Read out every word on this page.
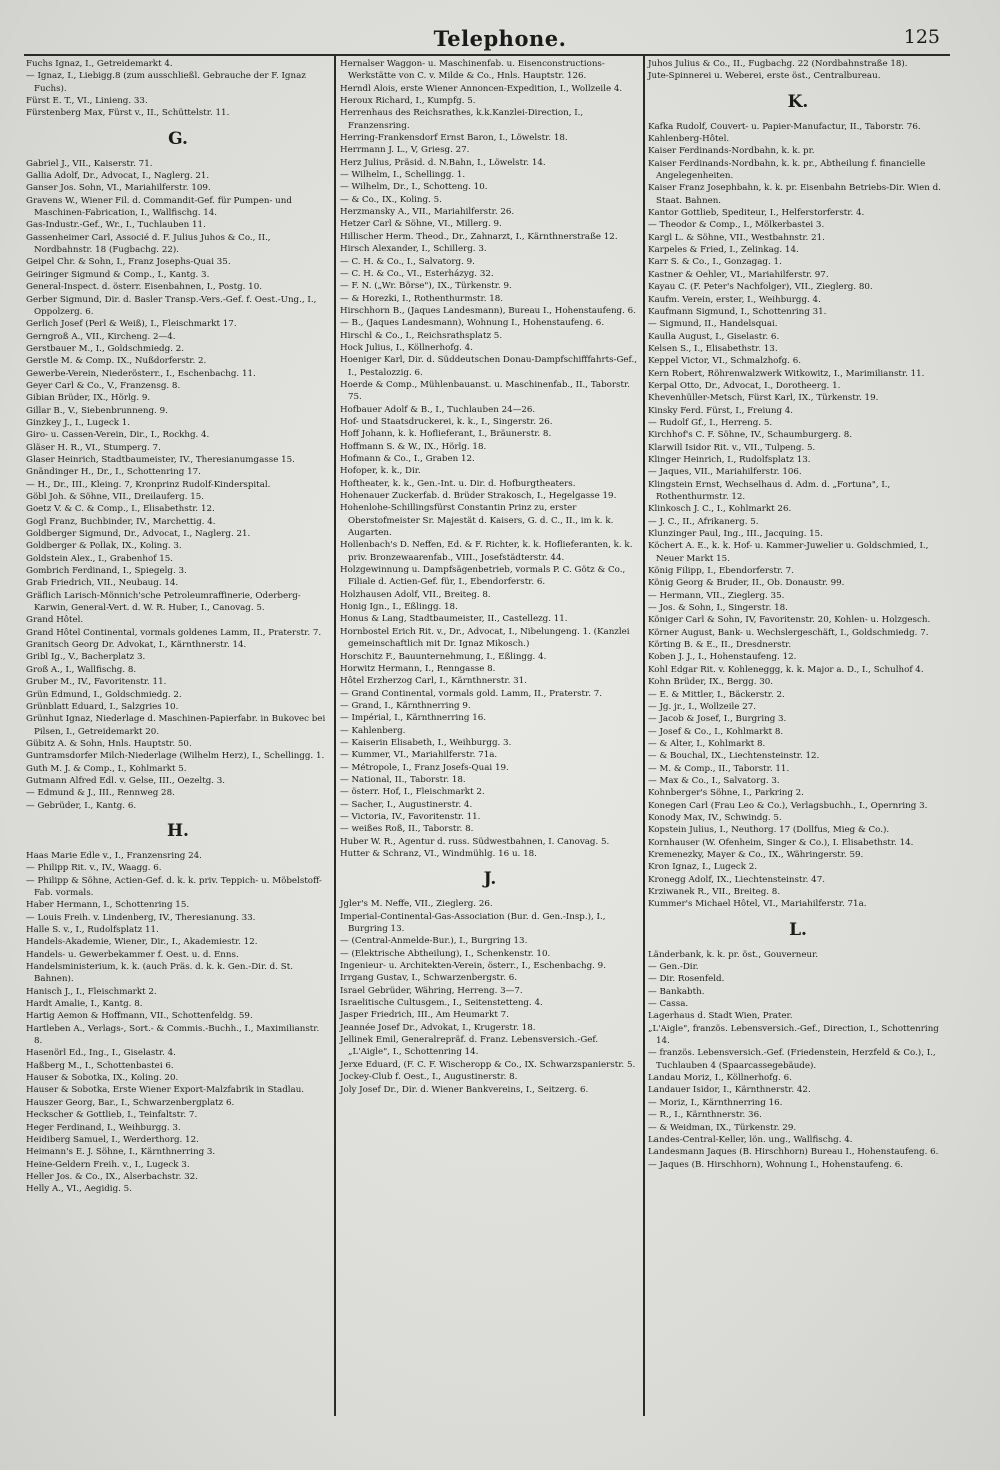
Telephone.	125

Fuchs Ignaz, I., Getreidemarkt 4.

— Ignaz, I., Liebigg.8 (zum ausschließl. Gebrauche der F. Ignaz Fuchs).

Fürst E. T., VI., Linieng. 33.

Fürstenberg Max, Fürst v., II., Schüttelstr. 11.

G.

Gabriel J., VII., Kaiserstr. 71.

Gallia Adolf, Dr., Advocat, I., Naglerg. 21.

Ganser Jos. Sohn, VI., Mariahilferstr. 109.

Gravens W., Wiener Fil. d. Commandit-Gef. für Pumpen- und Maschinen-Fabrication, I., Wallfischg. 14.

Gas-Industr.-Gef., Wr., I., Tuchlauben 11.

Gassenheimer Carl, Associé d. F. Julius Juhos & Co., II., Nordbahnstr. 18 (Fugbachg. 22).

Geipel Chr. & Sohn, I., Franz Josephs-Quai 35.

Geiringer Sigmund & Comp., I., Kantg. 3.

General-Inspect. d. österr. Eisenbahnen, I., Postg. 10.

Gerber Sigmund, Dir. d. Basler Transp.-Vers.-Gef. f. Oest.-Ung., I., Oppolzerg. 6.

Gerlich Josef (Perl & Weiß), I., Fleischmarkt 17.

Gerngroß A., VII., Kircheng. 2—4.

Gerstbauer M., I., Goldschmiedg. 2.

Gerstle M. & Comp. IX., Nußdorferstr. 2.

Gewerbe-Verein, Niederösterr., I., Eschenbachg. 11.

Geyer Carl & Co., V., Franzensg. 8.

Gibian Brüder, IX., Hörlg. 9.

Gillar B., V., Siebenbrunneng. 9.

Ginzkey J., I., Lugeck 1.

Giro- u. Cassen-Verein, Dir., I., Rockhg. 4.

Gläser H. R., VI., Stumperg. 7.

Glaser Heinrich, Stadtbaumeister, IV., Theresianumgasse 15.

Gnändinger H., Dr., I., Schottenring 17.

— H., Dr., III., Kleing. 7, Kronprinz Rudolf-Kinderspital.

Göbl Joh. & Söhne, VII., Dreilauferg. 15.

Goetz V. & C. & Comp., I., Elisabethstr. 12.

Gogl Franz, Buchbinder, IV., Marchettig. 4.

Goldberger Sigmund, Dr., Advocat, I., Naglerg. 21.

Goldberger & Pollak, IX., Koling. 3.

Goldstein Alex., I., Grabenhof 15.

Gombrich Ferdinand, I., Spiegelg. 3.

Grab Friedrich, VII., Neubaug. 14.

Gräflich Larisch-Mönnich'sche Petroleumraffinerie, Oderberg-Karwin, General-Vert. d. W. R. Huber, I., Canovag. 5.

Grand Hôtel.

Grand Hôtel Continental, vormals goldenes Lamm, II., Praterstr. 7.

Granitsch Georg Dr. Advokat, I., Kärnthnerstr. 14.

Gribl Ig., V., Bacherplatz 3.

Groß A., I., Wallfischg. 8.

Gruber M., IV., Favoritenstr. 11.

Grün Edmund, I., Goldschmiedg. 2.

Grünblatt Eduard, I., Salzgries 10.

Grünhut Ignaz, Niederlage d. Maschinen-Papierfabr. in Bukovec bei Pilsen, I., Getreidemarkt 20.

Gübitz A. & Sohn, Hnls. Hauptstr. 50.

Guntramsdorfer Milch-Niederlage (Wilhelm Herz), I., Schellingg. 1.

Guth M. J. & Comp., I., Kohlmarkt 5.

Gutmann Alfred Edl. v. Gelse, III., Oezeltg. 3.

— Edmund & J., III., Rennweg 28.

— Gebrüder, I., Kantg. 6.

H.

Haas Marie Edle v., I., Franzensring 24.

— Philipp Rit. v., IV., Waagg. 6.

— Philipp & Söhne, Actien-Gef. d. k. k. priv. Teppich- u. Möbelstoff-Fab. vormals.

Haber Hermann, I., Schottenring 15.

— Louis Freih. v. Lindenberg, IV., Theresianung. 33.

Halle S. v., I., Rudolfsplatz 11.

Handels-Akademie, Wiener, Dir., I., Akademiestr. 12.

Handels- u. Gewerbekammer f. Oest. u. d. Enns.

Handelsministerium, k. k. (auch Präs. d. k. k. Gen.-Dir. d. St. Bahnen).

Hanisch J., I., Fleischmarkt 2.

Hardt Amalie, I., Kantg. 8.

Hartig Aemon & Hoffmann, VII., Schottenfeldg. 59.

Hartleben A., Verlags-, Sort.- & Commis.-Buchh., I., Maximilianstr. 8.

Hasenörl Ed., Ing., I., Giselastr. 4.

Haßberg M., I., Schottenbastei 6.

Hauser & Sobotka, IX., Koling. 20.

Hauser & Sobotka, Erste Wiener Export-Malzfabrik in Stadlau.

Hauszer Georg, Bar., I., Schwarzenbergplatz 6.

Heckscher & Gottlieb, I., Teinfaltstr. 7.

Heger Ferdinand, I., Weihburgg. 3.

Heidiberg Samuel, I., Werderthorg. 12.

Heimann's E. J. Söhne, I., Kärnthnerring 3.

Heine-Geldern Freih. v., I., Lugeck 3.

Heller Jos. & Co., IX., Alserbachstr. 32.

Helly A., VI., Aegidig. 5.

Hernalser Waggon- u. Maschinenfab. u. Eisenconstructions-Werkstätte von C. v. Milde & Co., Hnls. Hauptstr. 126.

Herndl Alois, erste Wiener Annoncen-Expedition, I., Wollzeile 4.

Heroux Richard, I., Kumpfg. 5.

Herrenhaus des Reichsrathes, k.k.Kanzlei-Direction, I., Franzensring.

Herring-Frankensdorf Ernst Baron, I., Löwelstr. 18.

Herrmann J. L., V, Griesg. 27.

Herz Julius, Präsid. d. N.Bahn, I., Löwelstr. 14.

— Wilhelm, I., Schellingg. 1.

— Wilhelm, Dr., I., Schotteng. 10.

— & Co., IX., Koling. 5.

Herzmansky A., VII., Mariahilferstr. 26.

Hetzer Carl & Söhne, VI., Millerg. 9.

Hillischer Herm. Theod., Dr., Zahnarzt, I., Kärnthnerstraße 12.

Hirsch Alexander, I., Schillerg. 3.

— C. H. & Co., I., Salvatorg. 9.

— C. H. & Co., VI., Esterházyg. 32.

— F. N. („Wr. Börse"), IX., Türkenstr. 9.

— & Horezki, I., Rothenthurmstr. 18.

Hirschhorn B., (Jaques Landesmann), Bureau I., Hohenstaufeng. 6.

— B., (Jaques Landesmann), Wohnung I., Hohenstaufeng. 6.

Hirschl & Co., I., Reichsrathsplatz 5.

Hock Julius, I., Köllnerhofg. 4.

Hoeniger Karl, Dir. d. Süddeutschen Donau-Dampfschifffahrts-Gef., I., Pestalozzig. 6.

Hoerde & Comp., Mühlenbauanst. u. Maschinenfab., II., Taborstr. 75.

Hofbauer Adolf & B., I., Tuchlauben 24—26.

Hof- und Staatsdruckerei, k. k., I., Singerstr. 26.

Hoff Johann, k. k. Hoflieferant, I., Bräunerstr. 8.

Hoffmann S. & W., IX., Hörlg. 18.

Hofmann & Co., I., Graben 12.

Hofoper, k. k., Dir.

Hoftheater, k. k., Gen.-Int. u. Dir. d. Hofburgtheaters.

Hohenauer Zuckerfab. d. Brüder Strakosch, I., Hegelgasse 19.

Hohenlohe-Schillingsfürst Constantin Prinz zu, erster Oberstofmeister Sr. Majestät d. Kaisers, G. d. C., II., im k. k. Augarten.

Hollenbach's D. Neffen, Ed. & F. Richter, k. k. Hoflieferanten, k. k. priv. Bronzewaarenfab., VIII., Josefstädterstr. 44.

Holzgewinnung u. Dampfsägenbetrieb, vormals P. C. Götz & Co., Filiale d. Actien-Gef. für, I., Ebendorferstr. 6.

Holzhausen Adolf, VII., Breiteg. 8.

Honig Ign., I., Eßlingg. 18.

Honus & Lang, Stadtbaumeister, II., Castellezg. 11.

Hornbostel Erich Rit. v., Dr., Advocat, I., Nibelungeng. 1. (Kanzlei gemeinschaftlich mit Dr. Ignaz Mikosch.)

Horschitz F., Bauunternehmung, I., Eßlingg. 4.

Horwitz Hermann, I., Renngasse 8.

Hôtel Erzherzog Carl, I., Kärnthnerstr. 31.

— Grand Continental, vormals gold. Lamm, II., Praterstr. 7.

— Grand, I., Kärnthnerring 9.

— Impérial, I., Kärnthnerring 16.

— Kahlenberg.

— Kaiserin Elisabeth, I., Weihburgg. 3.

— Kummer, VI., Mariahilferstr. 71a.

— Métropole, I., Franz Josefs-Quai 19.

— National, II., Taborstr. 18.

— österr. Hof, I., Fleischmarkt 2.

— Sacher, I., Augustinerstr. 4.

— Victoria, IV., Favoritenstr. 11.

— weißes Roß, II., Taborstr. 8.

Huber W. R., Agentur d. russ. Südwestbahnen, I. Canovag. 5.

Hutter & Schranz, VI., Windmühlg. 16 u. 18.

J.

Jgler's M. Neffe, VII., Zieglerg. 26.

Imperial-Continental-Gas-Association (Bur. d. Gen.-Insp.), I., Burgring 13.

— (Central-Anmelde-Bur.), I., Burgring 13.

— (Elektrische Abtheilung), I., Schenkenstr. 10.

Ingenieur- u. Architekten-Verein, österr., I., Eschenbachg. 9.

Irrgang Gustav, I., Schwarzenbergstr. 6.

Israel Gebrüder, Währing, Herreng. 3—7.

Israelitische Cultusgem., I., Seitenstetteng. 4.

Jasper Friedrich, III., Am Heumarkt 7.

Jeannée Josef Dr., Advokat, I., Krugerstr. 18.

Jellinek Emil, Generalrepräf. d. Franz. Lebensversich.-Gef. „L'Aigle", I., Schottenring 14.

Jerxe Eduard, (F. C. F. Wischeropp & Co., IX. Schwarzspanierstr. 5.

Jockey-Club f. Oest., I., Augustinerstr. 8.

Joly Josef Dr., Dir. d. Wiener Bankvereins, I., Seitzerg. 6.

Juhos Julius & Co., II., Fugbachg. 22 (Nordbahnstraße 18).

Jute-Spinnerei u. Weberei, erste öst., Centralbureau.

K.

Kafka Rudolf, Couvert- u. Papier-Manufactur, II., Taborstr. 76.

Kahlenberg-Hôtel.

Kaiser Ferdinands-Nordbahn, k. k. pr.

Kaiser Ferdinands-Nordbahn, k. k. pr., Abtheilung f. financielle Angelegenheiten.

Kaiser Franz Josephbahn, k. k. pr. Eisenbahn Betriebs-Dir. Wien d. Staat. Bahnen.

Kantor Gottlieb, Spediteur, I., Helferstorferstr. 4.

— Theodor & Comp., I., Mölkerbastei 3.

Kargl L. & Söhne, VII., Westbahnstr. 21.

Karpeles & Fried, I., Zelinkag. 14.

Karr S. & Co., I., Gonzagag. 1.

Kastner & Oehler, VI., Mariahilferstr. 97.

Kayau C. (F. Peter's Nachfolger), VII., Zieglerg. 80.

Kaufm. Verein, erster, I., Weihburgg. 4.

Kaufmann Sigmund, I., Schottenring 31.

— Sigmund, II., Handelsquai.

Kaulla August, I., Giselastr. 6.

Kelsen S., I., Elisabethstr. 13.

Keppel Victor, VI., Schmalzhofg. 6.

Kern Robert, Röhrenwalzwerk Witkowitz, I., Marimilianstr. 11.

Kerpal Otto, Dr., Advocat, I., Dorotheerg. 1.

Khevenhüller-Metsch, Fürst Karl, IX., Türkenstr. 19.

Kinsky Ferd. Fürst, I., Freiung 4.

— Rudolf Gf., I., Herreng. 5.

Kirchhof's C. F. Söhne, IV., Schaumburgerg. 8.

Klarwill Isidor Rit. v., VII., Tulpeng. 5.

Klinger Heinrich, I., Rudolfsplatz 13.

— Jaques, VII., Mariahilferstr. 106.

Klingstein Ernst, Wechselhaus d. Adm. d. „Fortuna", I., Rothenthurmstr. 12.

Klinkosch J. C., I., Kohlmarkt 26.

— J. C., II., Afrikanerg. 5.

Klunzinger Paul, Ing., III., Jacquing. 15.

Köchert A. E., k. k. Hof- u. Kammer-Juwelier u. Goldschmied, I., Neuer Markt 15.

König Filipp, I., Ebendorferstr. 7.

König Georg & Bruder, II., Ob. Donaustr. 99.

— Hermann, VII., Zieglerg. 35.

— Jos. & Sohn, I., Singerstr. 18.

Königer Carl & Sohn, IV, Favoritenstr. 20, Kohlen- u. Holzgesch.

Körner August, Bank- u. Wechslergeschäft, I., Goldschmiedg. 7.

Körting B. & E., II., Dresdnerstr.

Koben J. J., I., Hohenstaufeng. 12.

Kohl Edgar Rit. v. Kohleneggg, k. k. Major a. D., I., Schulhof 4.

Kohn Brüder, IX., Bergg. 30.

— E. & Mittler, I., Bäckerstr. 2.

— Jg. jr., I., Wollzeile 27.

— Jacob & Josef, I., Burgring 3.

— Josef & Co., I., Kohlmarkt 8.

— & Alter, I., Kohlmarkt 8.

— & Bouchal, IX., Liechtensteinstr. 12.

— M. & Comp., II., Taborstr. 11.

— Max & Co., I., Salvatorg. 3.

Kohnberger's Söhne, I., Parkring 2.

Konegen Carl (Frau Leo & Co.), Verlagsbuchh., I., Opernring 3.

Konody Max, IV., Schwindg. 5.

Kopstein Julius, I., Neuthorg. 17 (Dollfus, Mieg & Co.).

Kornhauser (W. Ofenheim, Singer & Co.), I. Elisabethstr. 14.

Kremenezky, Mayer & Co., IX., Währingerstr. 59.

Kron Ignaz, I., Lugeck 2.

Kronegg Adolf, IX., Liechtensteinstr. 47.

Krziwanek R., VII., Breiteg. 8.

Kummer's Michael Hôtel, VI., Mariahilferstr. 71a.

L.

Länderbank, k. k. pr. öst., Gouverneur.

— Gen.-Dir.

— Dir. Rosenfeld.

— Bankabth.

— Cassa.

Lagerhaus d. Stadt Wien, Prater.

„L'Aigle", französ. Lebensversich.-Gef., Direction, I., Schottenring 14.

— französ. Lebensversich.-Gef. (Friedenstein, Herzfeld & Co.), I., Tuchlauben 4 (Spaarcassegebäude).

Landau Moriz, I., Köllnerhofg. 6.

Landauer Isidor, I., Kärnthnerstr. 42.

— Moriz, I., Kärnthnerring 16.

— R., I., Kärnthnerstr. 36.

— & Weidman, IX., Türkenstr. 29.

Landes-Central-Keller, lön. ung., Wallfischg. 4.

Landesmann Jaques (B. Hirschhorn) Bureau I., Hohenstaufeng. 6.

— Jaques (B. Hirschhorn), Wohnung I., Hohenstaufeng. 6.
